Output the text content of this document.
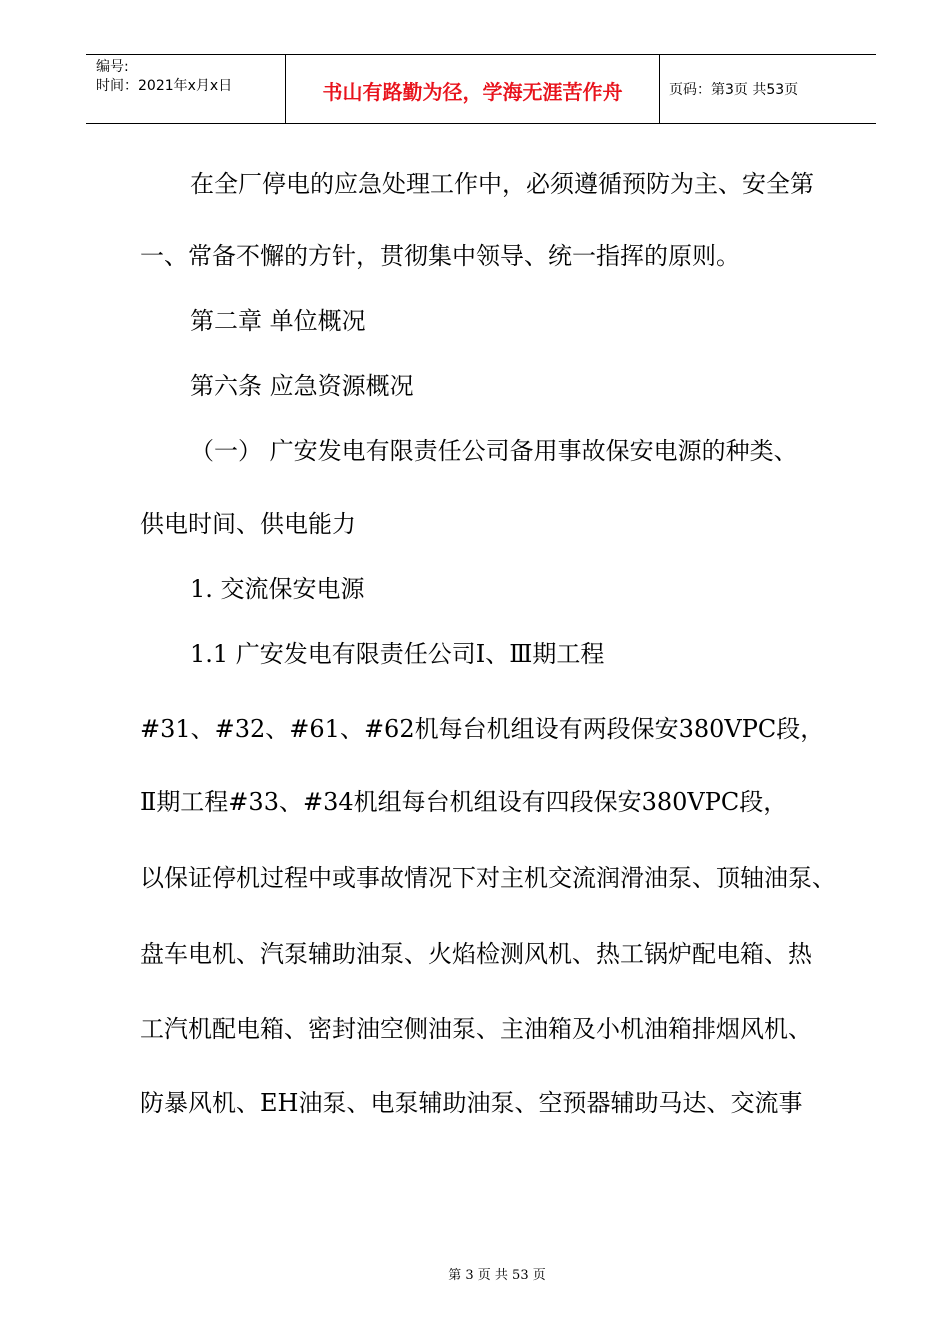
编号:
时间：2021年x月x日	书山有路勤为径，学海无涯苦作舟	页码：第3页 共53页
在全厂停电的应急处理工作中，必须遵循预防为主、安全第
一、常备不懈的方针，贯彻集中领导、统一指挥的原则。
第二章 单位概况
第六条 应急资源概况
（一） 广安发电有限责任公司备用事故保安电源的种类、
供电时间、供电能力
1. 交流保安电源
1.1 广安发电有限责任公司Ⅰ、Ⅲ期工程
#31、#32、#61、#62机每台机组设有两段保安380VPC段，
Ⅱ期工程#33、#34机组每台机组设有四段保安380VPC段，
以保证停机过程中或事故情况下对主机交流润滑油泵、顶轴油泵、
盘车电机、汽泵辅助油泵、火焰检测风机、热工锅炉配电箱、热
工汽机配电箱、密封油空侧油泵、主油箱及小机油箱排烟风机、
防暴风机、EH油泵、电泵辅助油泵、空预器辅助马达、交流事
第 3 页 共 53 页
